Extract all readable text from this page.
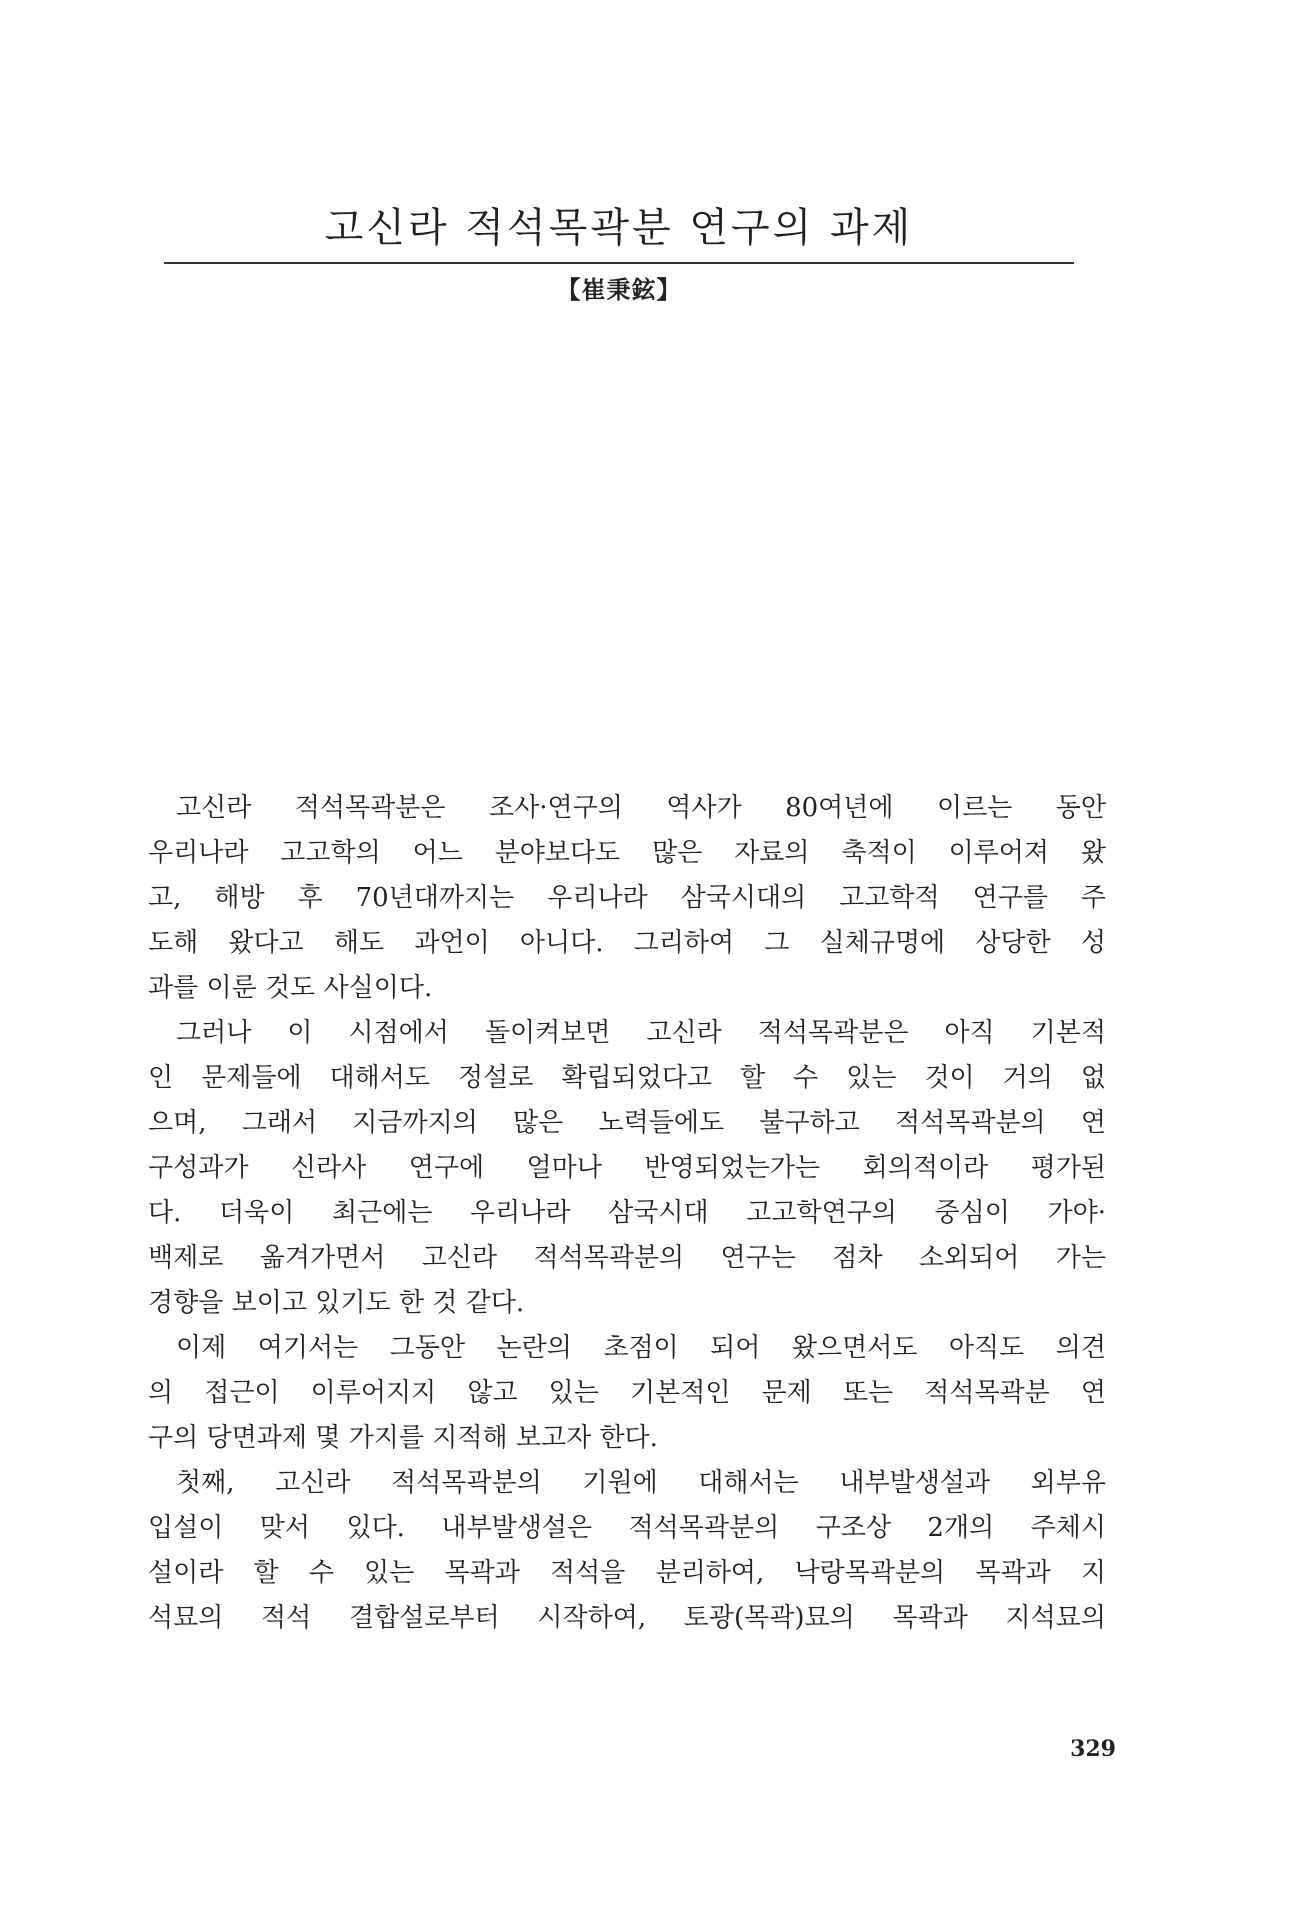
고신라 적석목곽분 연구의 과제
【崔秉鉉】
고신라 적석목곽분은 조사·연구의 역사가 80여년에 이르는 동안
우리나라 고고학의 어느 분야보다도 많은 자료의 축적이 이루어져 왔
고, 해방 후 70년대까지는 우리나라 삼국시대의 고고학적 연구를 주
도해 왔다고 해도 과언이 아니다. 그리하여 그 실체규명에 상당한 성
과를 이룬 것도 사실이다.
그러나 이 시점에서 돌이켜보면 고신라 적석목곽분은 아직 기본적
인 문제들에 대해서도 정설로 확립되었다고 할 수 있는 것이 거의 없
으며, 그래서 지금까지의 많은 노력들에도 불구하고 적석목곽분의 연
구성과가 신라사 연구에 얼마나 반영되었는가는 회의적이라 평가된
다. 더욱이 최근에는 우리나라 삼국시대 고고학연구의 중심이 가야·
백제로 옮겨가면서 고신라 적석목곽분의 연구는 점차 소외되어 가는
경향을 보이고 있기도 한 것 같다.
이제 여기서는 그동안 논란의 초점이 되어 왔으면서도 아직도 의견
의 접근이 이루어지지 않고 있는 기본적인 문제 또는 적석목곽분 연
구의 당면과제 몇 가지를 지적해 보고자 한다.
첫째, 고신라 적석목곽분의 기원에 대해서는 내부발생설과 외부유
입설이 맞서 있다. 내부발생설은 적석목곽분의 구조상 2개의 주체시
설이라 할 수 있는 목곽과 적석을 분리하여, 낙랑목곽분의 목곽과 지
석묘의 적석 결합설로부터 시작하여, 토광(목곽)묘의 목곽과 지석묘의
329
